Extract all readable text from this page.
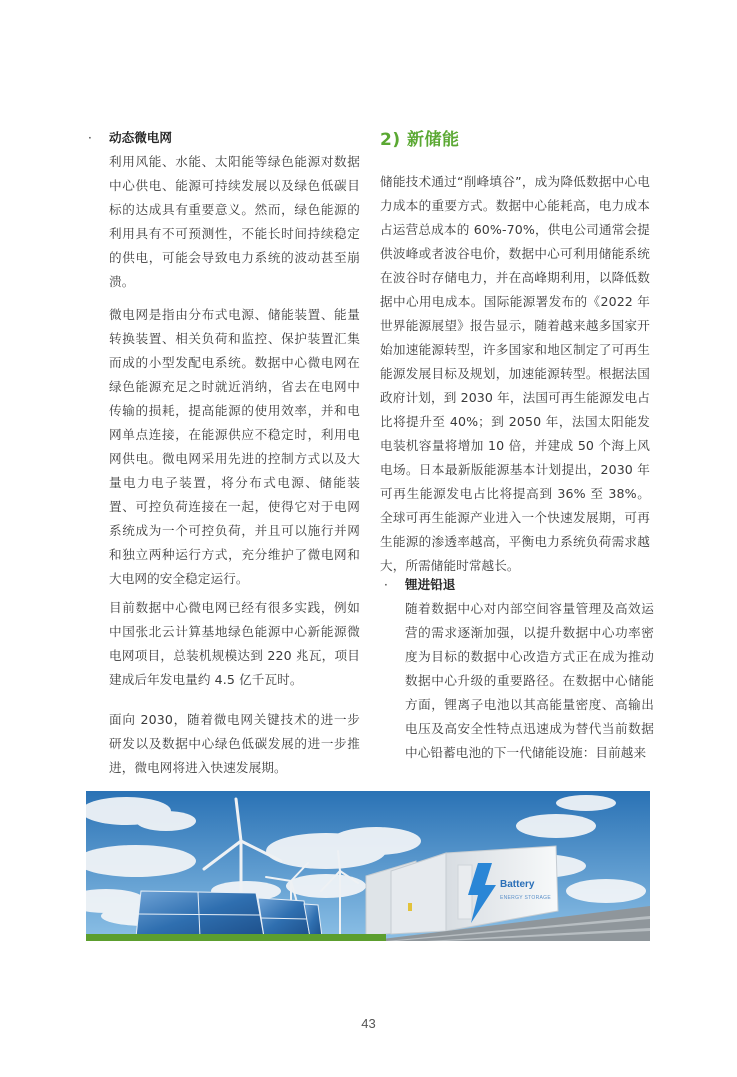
·	动态微电网

利用风能、水能、太阳能等绿色能源对数据中心供电、能源可持续发展以及绿色低碳目标的达成具有重要意义。然而，绿色能源的利用具有不可预测性，不能长时间持续稳定的供电，可能会导致电力系统的波动甚至崩溃。

微电网是指由分布式电源、储能装置、能量转换装置、相关负荷和监控、保护装置汇集而成的小型发配电系统。数据中心微电网在绿色能源充足之时就近消纳，省去在电网中传输的损耗，提高能源的使用效率，并和电网单点连接，在能源供应不稳定时，利用电网供电。微电网采用先进的控制方式以及大量电力电子装置，将分布式电源、储能装置、可控负荷连接在一起，使得它对于电网系统成为一个可控负荷，并且可以施行并网和独立两种运行方式，充分维护了微电网和大电网的安全稳定运行。

目前数据中心微电网已经有很多实践，例如中国张北云计算基地绿色能源中心新能源微电网项目，总装机规模达到 220 兆瓦，项目建成后年发电量约 4.5 亿千瓦时。

面向 2030，随着微电网关键技术的进一步研发以及数据中心绿色低碳发展的进一步推进，微电网将进入快速发展期。

2) 新储能

储能技术通过“削峰填谷”，成为降低数据中心电力成本的重要方式。数据中心能耗高，电力成本占运营总成本的 60%-70%，供电公司通常会提供波峰或者波谷电价，数据中心可利用储能系统在波谷时存储电力，并在高峰期利用，以降低数据中心用电成本。国际能源署发布的《2022 年世界能源展望》报告显示，随着越来越多国家开始加速能源转型，许多国家和地区制定了可再生能源发展目标及规划，加速能源转型。根据法国政府计划，到 2030 年，法国可再生能源发电占比将提升至 40%；到 2050 年，法国太阳能发电装机容量将增加 10 倍，并建成 50 个海上风电场。日本最新版能源基本计划提出，2030 年可再生能源发电占比将提高到 36% 至 38%。全球可再生能源产业进入一个快速发展期，可再生能源的渗透率越高，平衡电力系统负荷需求越大，所需储能时常越长。

·	锂进铅退

随着数据中心对内部空间容量管理及高效运营的需求逐渐加强，以提升数据中心功率密度为目标的数据中心改造方式正在成为推动数据中心升级的重要路径。在数据中心储能方面，锂离子电池以其高能量密度、高输出电压及高安全性特点迅速成为替代当前数据中心铅蓄电池的下一代储能设施：目前越来

Battery
ENERGY STORAGE
43
